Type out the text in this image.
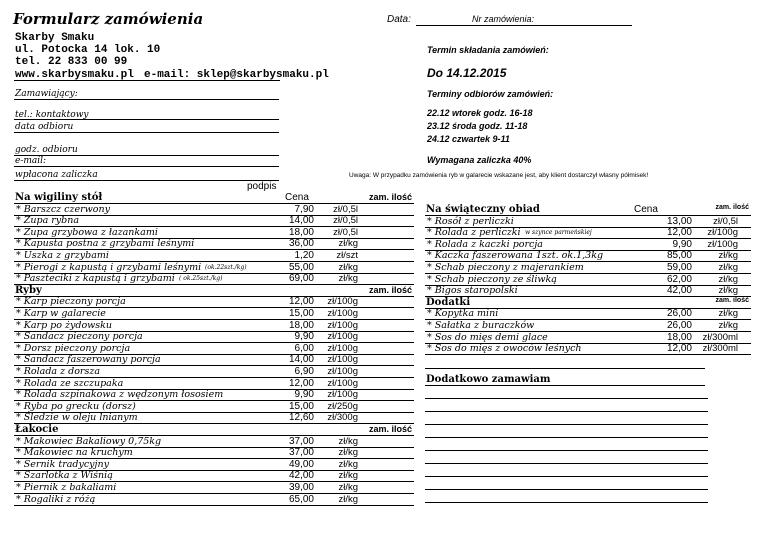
Formularz zamówienia	Data:	Nr zamówienia:
Skarby Smaku
ul. Potocka 14 lok. 10
tel. 22 833 00 99
www.skarbysmaku.pl e-mail: sklep@skarbysmaku.pl
Termin składania zamówień:
Do 14.12.2015
Terminy odbiorów zamówień:
22.12 wtorek godz. 16-18
23.12 środa godz. 11-18
24.12 czwartek 9-11
Wymagana zaliczka 40%
Uwaga: W przypadku zamówienia ryb w galarecie wskazane jest, aby klient dostarczył własny półmisek!
Zamawiający:
tel.: kontaktowy
data odbioru
godz. odbioru
e-mail:
wpłacona zaliczka
podpis
Na wigiliny stół	Cena	zam. ilość
* Barszcz czerwony	7,90 zł/0,5l
* Zupa rybna	14,00 zł/0,5l
* Zupa grzybowa z łazankami	18,00 zł/0,5l
* Kapusta postna z grzybami leśnymi	36,00	zł/kg
* Uszka z grzybami	1,20 zł/szt
* Pierogi z kapustą i grzybami leśnymi (ok.22szt./kg)	55,00	zł/kg
* Paszteciki z kapustą i grzybami ( ok.25szt./kg)	69,00	zł/kg
Ryby	zam. ilość
* Karp pieczony porcja	12,00 zł/100g
* Karp w galarecie	15,00 zł/100g
* Karp po żydowsku	18,00 zł/100g
* Sandacz pieczony porcja	9,90 zł/100g
* Dorsz pieczony porcja	6,00 zł/100g
* Sandacz faszerowany porcja	14,00 zł/100g
* Rolada z dorsza	6,90 zł/100g
* Rolada ze szczupaka	12,00 zł/100g
* Rolada szpinakowa z wędzonym łososiem	9,90 zł/100g
* Ryba po grecku (dorsz)	15,00 zł/250g
* Śledzie w oleju lnianym	12,60 zł/300g
Łakocie	zam. ilość
* Makowiec Bakaliowy 0,75kg	37,00	zł/kg
* Makowiec na kruchym	37,00	zł/kg
* Sernik tradycyjny	49,00	zł/kg
* Szarlotka z Wiśnią	42,00	zł/kg
* Piernik z bakaliami	39,00	zł/kg
* Rogaliki z różą	65,00	zł/kg
Na świąteczny obiad	Cena	zam. ilość
* Rosół z perliczki	13,00 zł/0,5l
* Rolada z perliczki w szynce parmeńskiej	12,00 zł/100g
* Rolada z kaczki porcja	9,90 zł/100g
* Kaczka faszerowana 1szt. ok.1,3kg	85,00	zł/kg
* Schab pieczony z majerankiem	59,00	zł/kg
* Schab pieczony ze śliwką	62,00	zł/kg
* Bigos staropolski	42,00	zł/kg
Dodatki	zam. ilość
* Kopytka mini	26,00	zł/kg
* Sałatka z buraczków	26,00	zł/kg
* Sos do mięs demi glace	18,00 zł/300ml
* Sos do mięs z owoców leśnych	12,00 zł/300ml
Dodatkowo zamawiam
